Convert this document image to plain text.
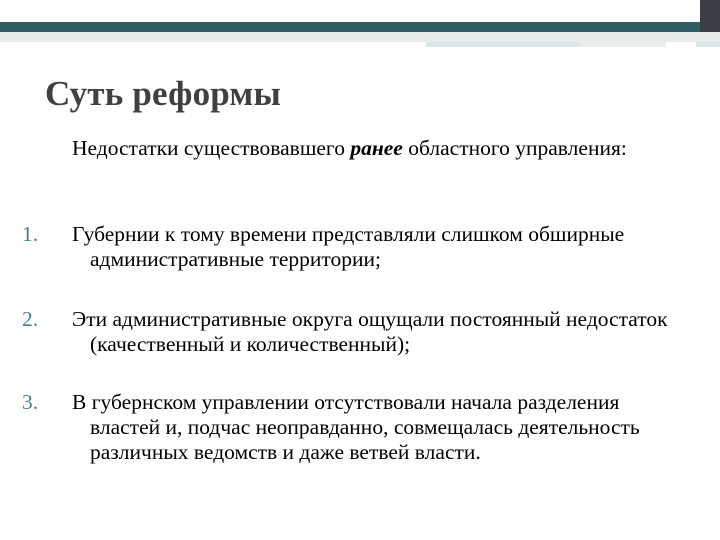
Суть реформы

Недостатки существовавшего ранее областного управления:

1. Губернии к тому времени представляли слишком обширные административные территории;
2. Эти административные округа ощущали постоянный недостаток (качественный и количественный);
3. В губернском управлении отсутствовали начала разделения властей и, подчас неоправданно, совмещалась деятельность различных ведомств и даже ветвей власти.
